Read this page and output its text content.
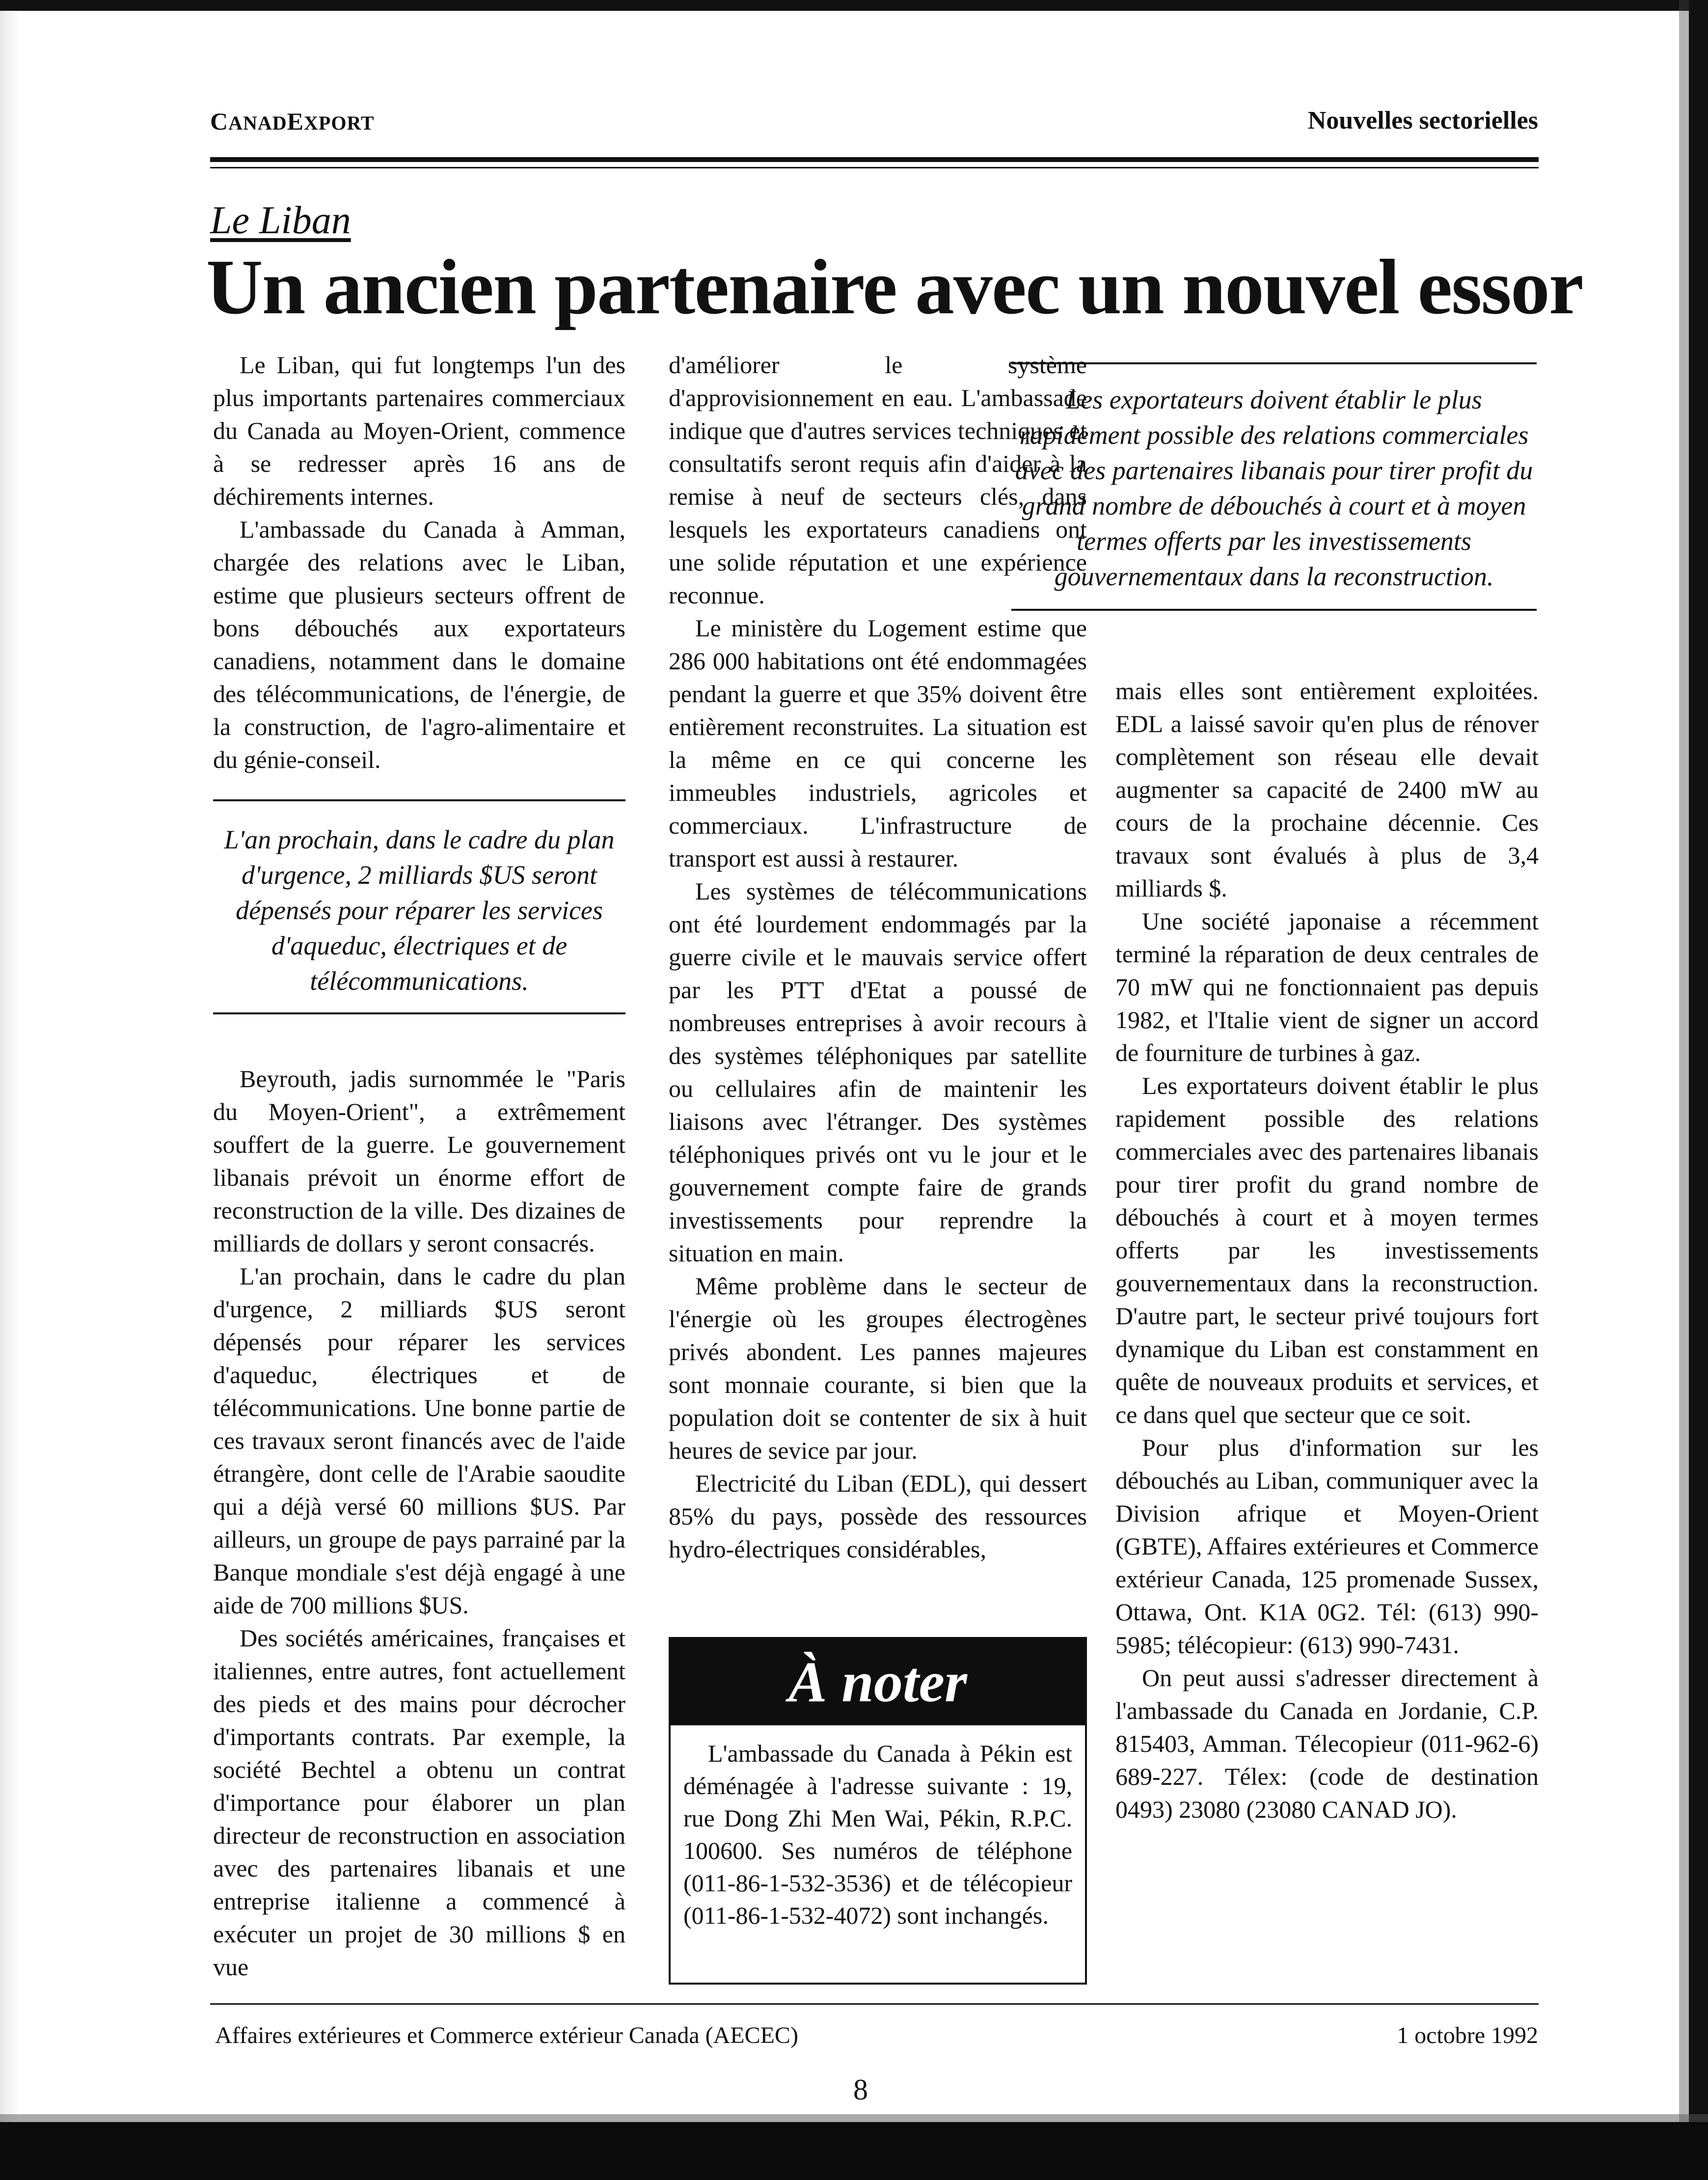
CANADEXPORT	Nouvelles sectorielles
Le Liban
Un ancien partenaire avec un nouvel essor

Le Liban, qui fut longtemps l'un des plus importants partenaires commerciaux du Canada au Moyen-Orient, commence à se redresser après 16 ans de déchirements internes.

L'ambassade du Canada à Amman, chargée des relations avec le Liban, estime que plusieurs secteurs offrent de bons débouchés aux exportateurs canadiens, notamment dans le domaine des télécommunications, de l'énergie, de la construction, de l'agro-alimentaire et du génie-conseil.

L'an prochain, dans le cadre du plan d'urgence, 2 milliards $US seront dépensés pour réparer les services d'aqueduc, électriques et de télécommunications.

Beyrouth, jadis surnommée le "Paris du Moyen-Orient", a extrêmement souffert de la guerre. Le gouvernement libanais prévoit un énorme effort de reconstruction de la ville. Des dizaines de milliards de dollars y seront consacrés.

L'an prochain, dans le cadre du plan d'urgence, 2 milliards $US seront dépensés pour réparer les services d'aqueduc, électriques et de télécommunications. Une bonne partie de ces travaux seront financés avec de l'aide étrangère, dont celle de l'Arabie saoudite qui a déjà versé 60 millions $US. Par ailleurs, un groupe de pays parrainé par la Banque mondiale s'est déjà engagé à une aide de 700 millions $US.

Des sociétés américaines, françaises et italiennes, entre autres, font actuellement des pieds et des mains pour décrocher d'importants contrats. Par exemple, la société Bechtel a obtenu un contrat d'importance pour élaborer un plan directeur de reconstruction en association avec des partenaires libanais et une entreprise italienne a commencé à exécuter un projet de 30 millions $ en vue

d'améliorer le système d'approvisionnement en eau. L'ambassade indique que d'autres services techniques et consultatifs seront requis afin d'aider à la remise à neuf de secteurs clés, dans lesquels les exportateurs canadiens ont une solide réputation et une expérience reconnue.

Le ministère du Logement estime que 286 000 habitations ont été endommagées pendant la guerre et que 35% doivent être entièrement reconstruites. La situation est la même en ce qui concerne les immeubles industriels, agricoles et commerciaux. L'infrastructure de transport est aussi à restaurer.

Les systèmes de télécommunications ont été lourdement endommagés par la guerre civile et le mauvais service offert par les PTT d'Etat a poussé de nombreuses entreprises à avoir recours à des systèmes téléphoniques par satellite ou cellulaires afin de maintenir les liaisons avec l'étranger. Des systèmes téléphoniques privés ont vu le jour et le gouvernement compte faire de grands investissements pour reprendre la situation en main.

Même problème dans le secteur de l'énergie où les groupes électrogènes privés abondent. Les pannes majeures sont monnaie courante, si bien que la population doit se contenter de six à huit heures de sevice par jour.

Electricité du Liban (EDL), qui dessert 85% du pays, possède des ressources hydro-électriques considérables,

Les exportateurs doivent établir le plus rapidement possible des relations commerciales avec des partenaires libanais pour tirer profit du grand nombre de débouchés à court et à moyen termes offerts par les investissements gouvernementaux dans la reconstruction.

mais elles sont entièrement exploitées. EDL a laissé savoir qu'en plus de rénover complètement son réseau elle devait augmenter sa capacité de 2400 mW au cours de la prochaine décennie. Ces travaux sont évalués à plus de 3,4 milliards $.

Une société japonaise a récemment terminé la réparation de deux centrales de 70 mW qui ne fonctionnaient pas depuis 1982, et l'Italie vient de signer un accord de fourniture de turbines à gaz.

Les exportateurs doivent établir le plus rapidement possible des relations commerciales avec des partenaires libanais pour tirer profit du grand nombre de débouchés à court et à moyen termes offerts par les investissements gouvernementaux dans la reconstruction. D'autre part, le secteur privé toujours fort dynamique du Liban est constamment en quête de nouveaux produits et services, et ce dans quel que secteur que ce soit.

Pour plus d'information sur les débouchés au Liban, communiquer avec la Division afrique et Moyen-Orient (GBTE), Affaires extérieures et Commerce extérieur Canada, 125 promenade Sussex, Ottawa, Ont. K1A 0G2. Tél: (613) 990-5985; télécopieur: (613) 990-7431.

On peut aussi s'adresser directement à l'ambassade du Canada en Jordanie, C.P. 815403, Amman. Télecopieur (011-962-6) 689-227. Télex: (code de destination 0493) 23080 (23080 CANAD JO).

À noter
L'ambassade du Canada à Pékin est déménagée à l'adresse suivante : 19, rue Dong Zhi Men Wai, Pékin, R.P.C. 100600. Ses numéros de téléphone (011-86-1-532-3536) et de télécopieur (011-86-1-532-4072) sont inchangés.
Affaires extérieures et Commerce extérieur Canada (AECEC)	1 octobre 1992
8
